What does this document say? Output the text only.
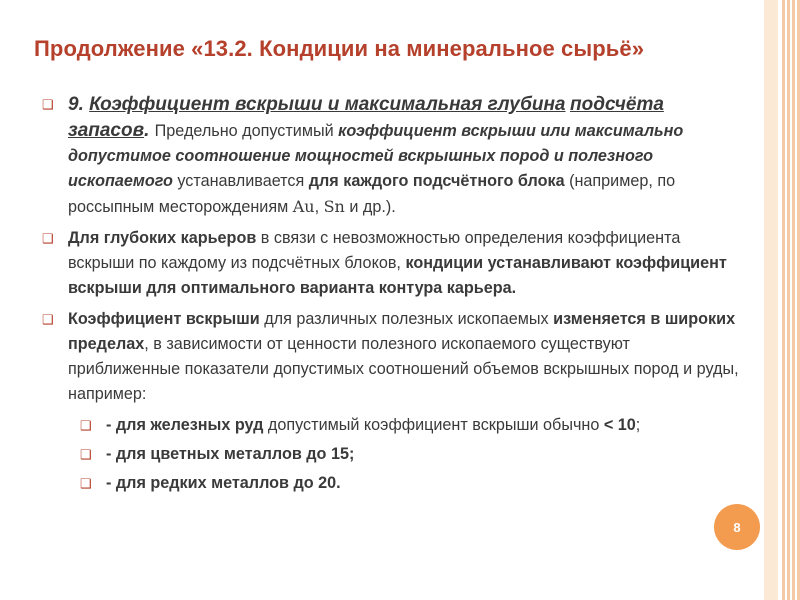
Продолжение «13.2. Кондиции на минеральное сырьё»
❑ 9. Коэффициент вскрыши и максимальная глубина подсчёта запасов. Предельно допустимый коэффициент вскрыши или максимально допустимое соотношение мощностей вскрышных пород и полезного ископаемого устанавливается для каждого подсчётного блока (например, по россыпным месторождениям Au, Sn и др.).
❑ Для глубоких карьеров в связи с невозможностью определения коэффициента вскрыши по каждому из подсчётных блоков, кондиции устанавливают коэффициент вскрыши для оптимального варианта контура карьера.
❑ Коэффициент вскрыши для различных полезных ископаемых изменяется в широких пределах, в зависимости от ценности полезного ископаемого существуют приближенные показатели допустимых соотношений объемов вскрышных пород и руды, например:
❑ - для железных руд допустимый коэффициент вскрыши обычно < 10;
❑ - для цветных металлов до 15;
❑ - для редких металлов до 20.
8
